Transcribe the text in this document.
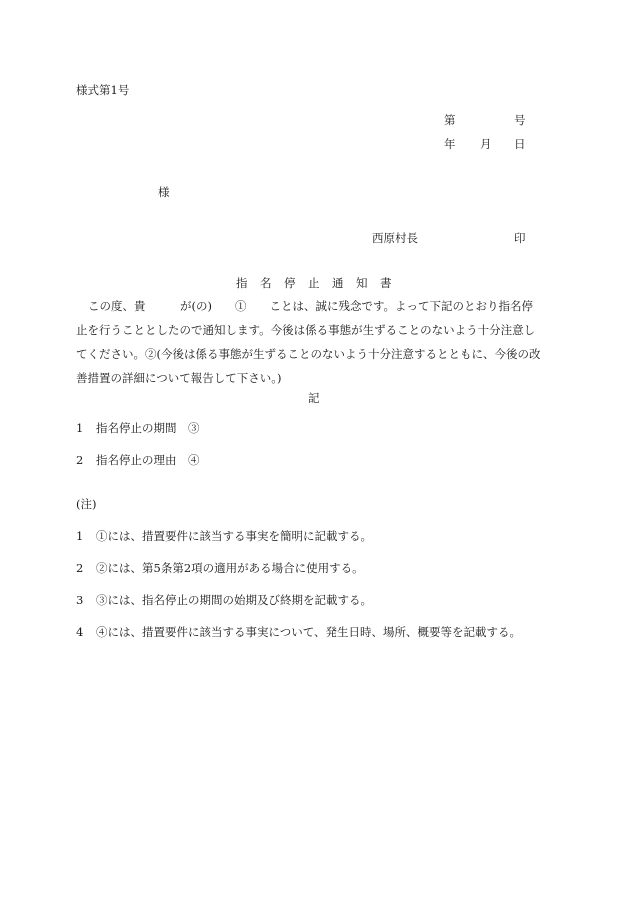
様式第1号
第	号
年 月 日
様
西原村長	印
指 名 停 止 通 知 書
この度、貴　　　が(の)　　①　　ことは、誠に残念です。よって下記のとおり指名停
止を行うこととしたので通知します。今後は係る事態が生ずることのないよう十分注意し
てください。②(今後は係る事態が生ずることのないよう十分注意するとともに、今後の改
善措置の詳細について報告して下さい。)
記
1 指名停止の期間　③
2 指名停止の理由　④
(注)
1 ①には、措置要件に該当する事実を簡明に記載する。
2 ②には、第5条第2項の適用がある場合に使用する。
3 ③には、指名停止の期間の始期及び終期を記載する。
4 ④には、措置要件に該当する事実について、発生日時、場所、概要等を記載する。
